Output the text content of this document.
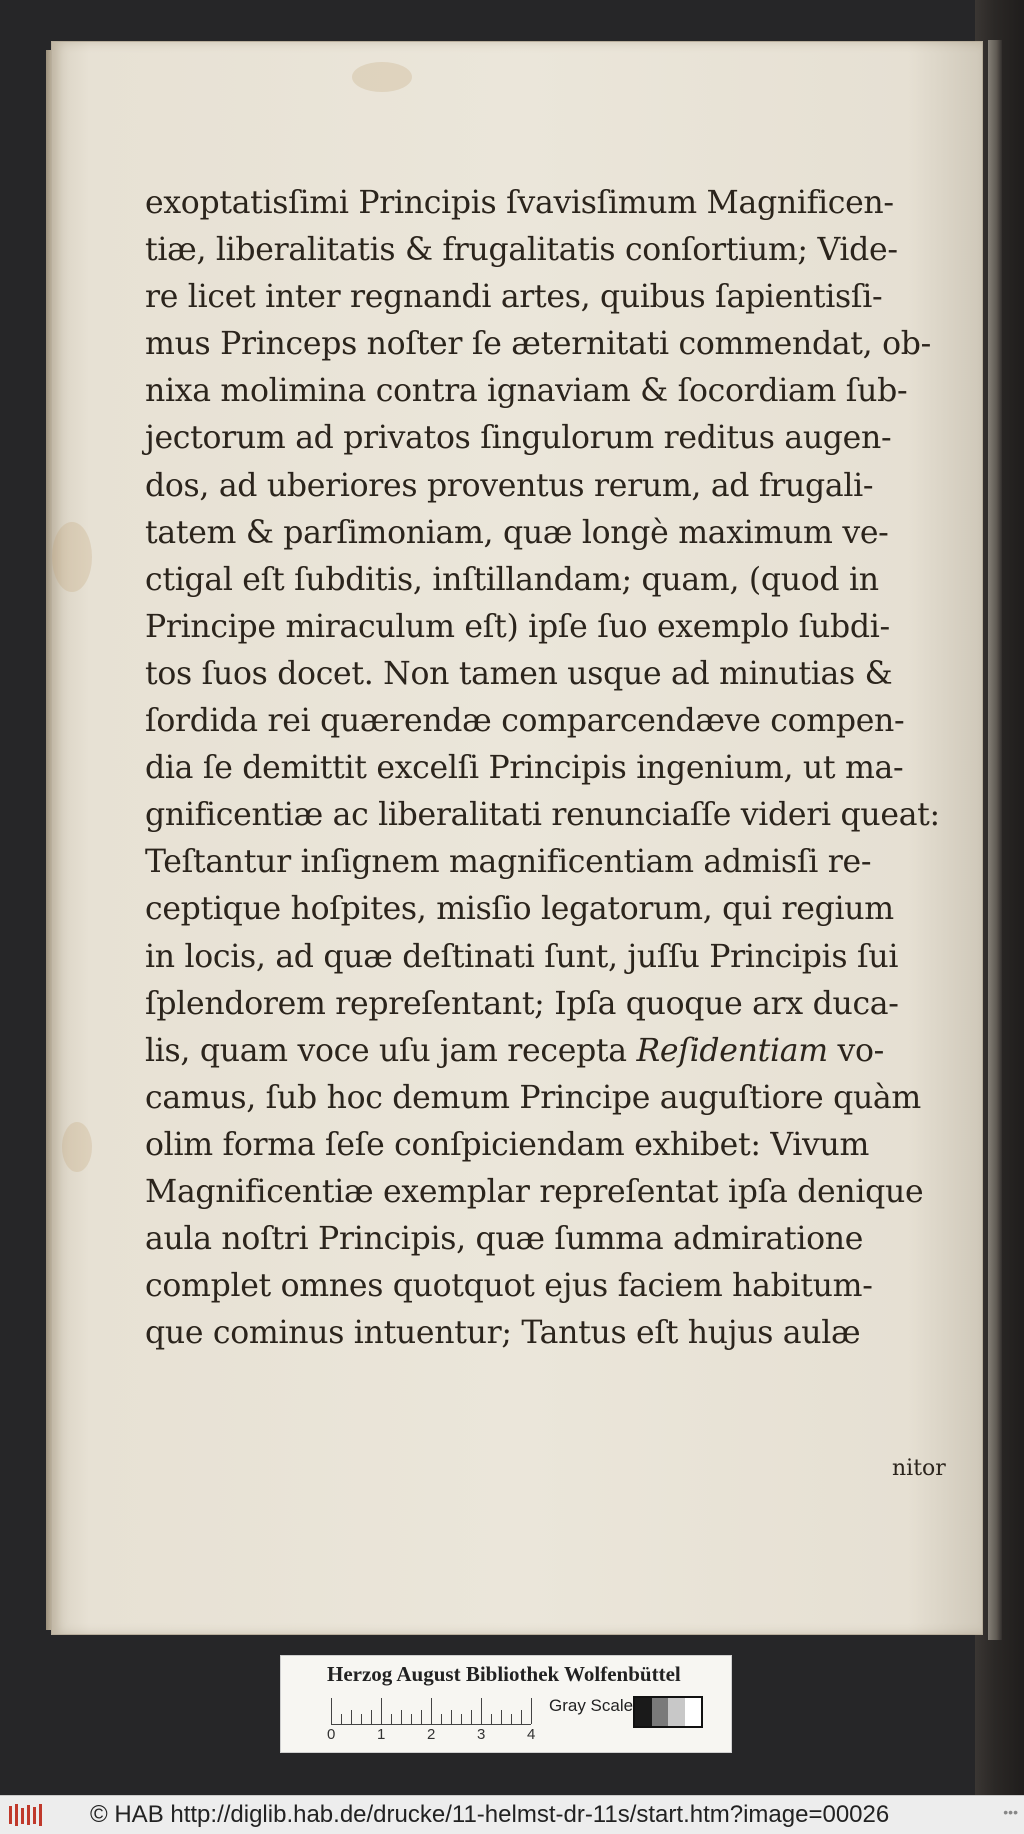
exoptatisſimi Principis ſvavisſimum Magnificen-
tiæ, liberalitatis & frugalitatis conſortium; Vide-
re licet inter regnandi artes, quibus ſapientisſi-
mus Princeps noſter ſe æternitati commendat, ob-
nixa molimina contra ignaviam & ſocordiam ſub-
jectorum ad privatos ſingulorum reditus augen-
dos, ad uberiores proventus rerum, ad frugali-
tatem & parſimoniam, quæ longè maximum ve-
ctigal eſt ſubditis, inſtillandam; quam, (quod in
Principe miraculum eſt) ipſe ſuo exemplo ſubdi-
tos ſuos docet. Non tamen usque ad minutias &
ſordida rei quærendæ comparcendæve compen-
dia ſe demittit excelſi Principis ingenium, ut ma-
gnificentiæ ac liberalitati renunciaſſe videri queat:
Teſtantur inſignem magnificentiam admisſi re-
ceptique hoſpites, misſio legatorum, qui regium
in locis, ad quæ deſtinati ſunt, juſſu Principis ſui
ſplendorem repreſentant; Ipſa quoque arx duca-
lis, quam voce uſu jam recepta Reſidentiam vo-
camus, ſub hoc demum Principe auguſtiore quàm
olim forma ſeſe conſpiciendam exhibet: Vivum
Magnificentiæ exemplar repreſentat ipſa denique
aula noſtri Principis, quæ ſumma admiratione
complet omnes quotquot ejus faciem habitum-
que cominus intuentur; Tantus eſt hujus aulæ
nitor
Herzog August Bibliothek Wolfenbüttel
0	1	2	3	4
Gray Scale
© HAB http://diglib.hab.de/drucke/11-helmst-dr-11s/start.htm?image=00026	•••
